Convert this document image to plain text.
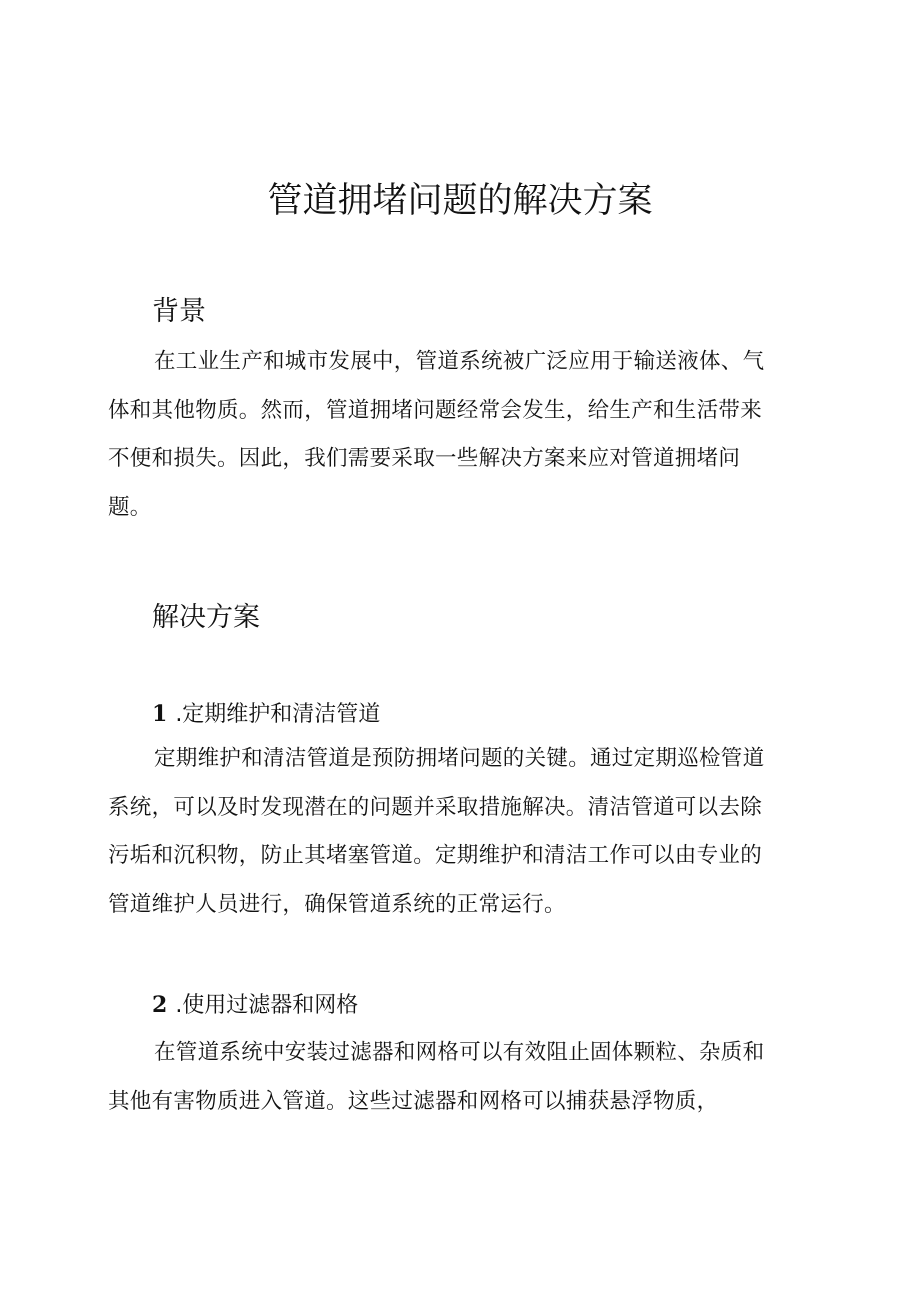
管道拥堵问题的解决方案
背景
在工业生产和城市发展中，管道系统被广泛应用于输送液体、气
体和其他物质。然而，管道拥堵问题经常会发生，给生产和生活带来
不便和损失。因此，我们需要采取一些解决方案来应对管道拥堵问
题。
解决方案
1 .定期维护和清洁管道
定期维护和清洁管道是预防拥堵问题的关键。通过定期巡检管道
系统，可以及时发现潜在的问题并采取措施解决。清洁管道可以去除
污垢和沉积物，防止其堵塞管道。定期维护和清洁工作可以由专业的
管道维护人员进行，确保管道系统的正常运行。
2 .使用过滤器和网格
在管道系统中安装过滤器和网格可以有效阻止固体颗粒、杂质和
其他有害物质进入管道。这些过滤器和网格可以捕获悬浮物质，
